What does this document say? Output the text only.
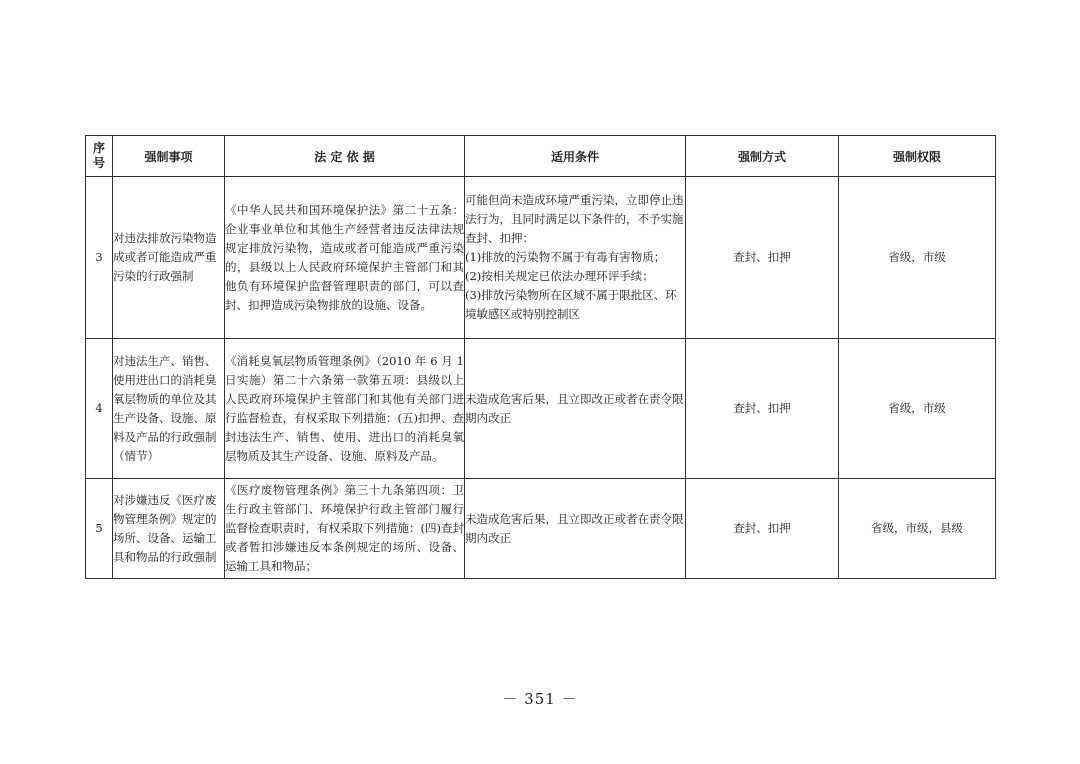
序号	强制事项	法 定 依 据	适用条件	强制方式	强制权限
3	对违法排放污染物造成或者可能造成严重污染的行政强制	《中华人民共和国环境保护法》第二十五条：企业事业单位和其他生产经营者违反法律法规规定排放污染物，造成或者可能造成严重污染的，县级以上人民政府环境保护主管部门和其他负有环境保护监督管理职责的部门，可以查封、扣押造成污染物排放的设施、设备。	可能但尚未造成环境严重污染，立即停止违法行为，且同时满足以下条件的，不予实施查封、扣押：
(1)排放的污染物不属于有毒有害物质；
(2)按相关规定已依法办理环评手续；
(3)排放污染物所在区域不属于限批区、环境敏感区或特别控制区	查封、扣押	省级，市级
4	对违法生产、销售、使用进出口的消耗臭氧层物质的单位及其生产设备、设施、原料及产品的行政强制（情节）	《消耗臭氧层物质管理条例》（2010 年 6 月 1 日实施）第二十六条第一款第五项：县级以上人民政府环境保护主管部门和其他有关部门进行监督检查，有权采取下列措施：(五)扣押、查封违法生产、销售、使用、进出口的消耗臭氧层物质及其生产设备、设施、原料及产品。	未造成危害后果，且立即改正或者在责令限期内改正	查封、扣押	省级，市级
5	对涉嫌违反《医疗废物管理条例》规定的场所、设备、运输工具和物品的行政强制	《医疗废物管理条例》第三十九条第四项：卫生行政主管部门、环境保护行政主管部门履行监督检查职责时，有权采取下列措施：(四)查封或者暂扣涉嫌违反本条例规定的场所、设备、运输工具和物品；	未造成危害后果，且立即改正或者在责令限期内改正	查封、扣押	省级，市级，县级
－ 351 －
